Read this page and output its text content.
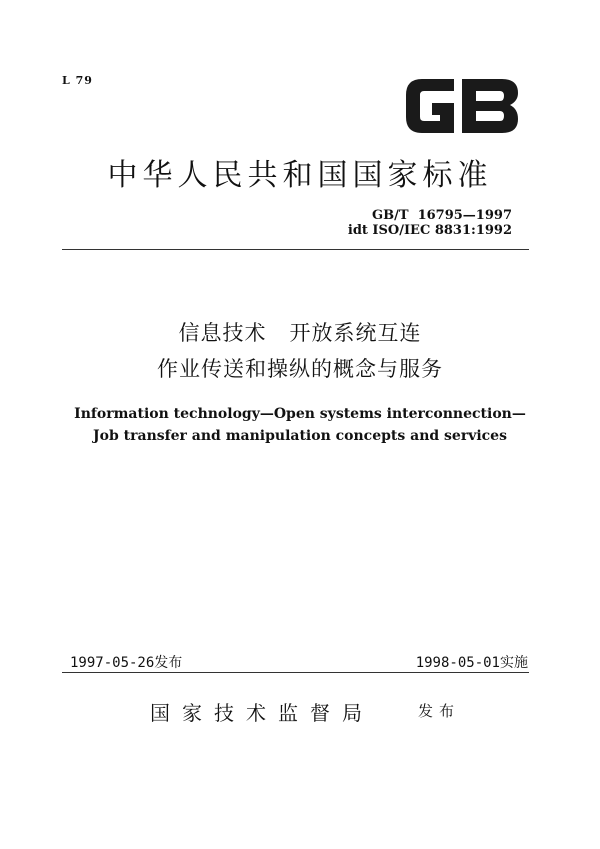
L 79
中华人民共和国国家标准
GB/T  16795—1997
idt ISO/IEC 8831:1992
信息技术   开放系统互连
作业传送和操纵的概念与服务
Information technology—Open systems interconnection—
Job transfer and manipulation concepts and services
1997-05-26发布	1998-05-01实施
国家技术监督局	发布
